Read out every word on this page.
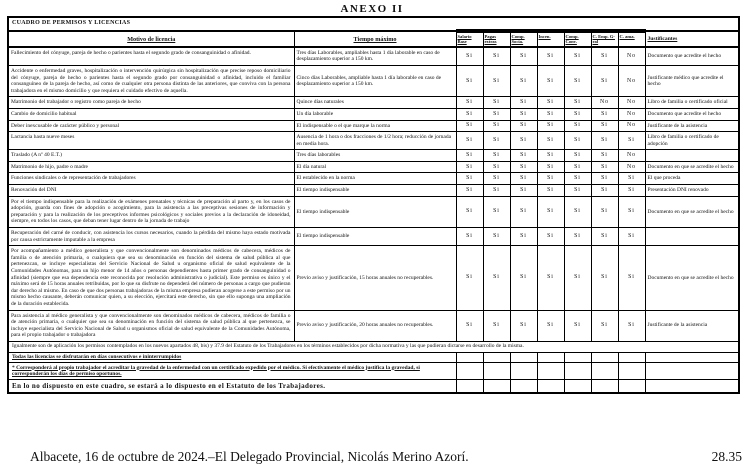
ANEXO II
CUADRO DE PERMISOS Y LICENCIAS									
Motivo de licencia	Tiempo máximo	Salario Base	Pagas extras	Comp. Socia.	Incen.	Comp. Conv.	C. Emp. G-ral	C. ama.	Justificantes
Fallecimiento del cónyuge, pareja de hecho o parientes hasta el segundo grado de consanguinidad o afinidad.	Tres días Laborables, ampliables hasta 1 día laborable en caso de desplazamiento superior a 150 km.	Si	Si	Si	Si	Si	Si	No	Documento que acredite el hecho
Accidente o enfermedad graves, hospitalización o intervención quirúrgica sin hospitalización que precise reposo domiciliario del cónyuge, pareja de hecho o parientes hasta el segundo grado por consanguinidad o afinidad, incluido el familiar consanguíneo de la pareja de hecho, así como de cualquier otra persona distinta de las anteriores, que conviva con la persona trabajadora en el mismo domicilio y que requiera el cuidado efectivo de aquella.	Cinco días Laborables, ampliable hasta 1 día laborable en caso de desplazamiento superior a 150 km.	Si	Si	Si	Si	Si	Si	No	Justificante médico que acredite el hecho
Matrimonio del trabajador o registro como pareja de hecho	Quince días naturales	Si	Si	Si	Si	Si	No	No	Libro de familia o certificado oficial
Cambio de domicilio habitual	Un día laborable	Si	Si	Si	Si	Si	Si	No	Documento que acredite el hecho
Deber inexcusable de carácter público y personal	El indispensable o el que marque la norma	Si	Si	Si	Si	Si	Si	No	Justificante de la asistencia
Lactancia hasta nueve meses	Ausencia de 1 hora o dos fracciones de 1/2 hora; reducción de jornada en media hora.	Si	Si	Si	Si	Si	Si	Si	Libro de familia o certificado de adopción
Traslado (A nº 40 E.T.)	Tres días laborables	Si	Si	Si	Si	Si	Si	No	
Matrimonio de hijo, padre o madre	El día natural	Si	Si	Si	Si	Si	Si	No	Documento en que se acredite el hecho
Funciones sindicales o de representación de trabajadores	El establecido en la norma	Si	Si	Si	Si	Si	Si	Si	El que proceda
Renovación del DNI	El tiempo indispensable	Si	Si	Si	Si	Si	Si	Si	Presentación DNI renovado
Por el tiempo indispensable para la realización de exámenes prenatales y técnicas de preparación al parto y, en los casos de adopción, guarda con fines de adopción o acogimiento, para la asistencia a las preceptivas sesiones de información y preparación y para la realización de los preceptivos informes psicológicos y sociales previos a la declaración de idoneidad, siempre, en todos los casos, que deban tener lugar dentro de la jornada de trabajo	El tiempo indispensable	Si	Si	Si	Si	Si	Si	Si	Documento en que se acredite el hecho
Recuperación del carné de conducir, con asistencia los cursos necesarios, cuando la pérdida del mismo haya estado motivada por causa estrictamente imputable a la empresa	El tiempo indispensable	Si	Si	Si	Si	Si	Si	Si	
Por acompañamiento a médico generalista y que convencionalmente son denominados médicos de cabecera, médicos de familia o de atención primaria, o cualquiera que sea su denominación en función del sistema de salud pública al que pertenezcan, se incluye especialistas del Servicio Nacional de Salud u organismo oficial de salud equivalente de la Comunidades Autónomas, para un hijo menor de 14 años o personas dependientes hasta primer grado de consanguinidad o afinidad (siempre que esa dependencia este reconocida por resolución administrativa o judicial). Este permiso es único y el máximo será de 15 horas anuales retribuidas, por lo que su disfrute no dependerá del número de personas a cargo que pudieran dar derecho al mismo. En caso de que dos personas trabajadoras de la misma empresa pudieran acogerse a este permiso por un mismo hecho causante, deberán comunicar quien, a su elección, ejercitará este derecho, sin que ello suponga una ampliación de la duración establecida.	Previo aviso y justificación, 15 horas anuales no recuperables.	Si	Si	Si	Si	Si	Si	Si	Documento en que se acredite el hecho
Para asistencia al médico generalista y que convencionalmente son denominados médicos de cabecera, médicos de familia o de atención primaria, o cualquier que sea su denominación en función del sistema de salud pública al que pertenezca, se incluye especialista del Servicio Nacional de Salud u organismos oficial de salud equivalente de la Comunidades Autónoma, para el propio trabajador o trabajadora	Previo aviso y justificación, 20 horas anuales no recuperables.	Si	Si	Si	Si	Si	Si	Si	Justificante de la asistencia
Igualmente son de aplicación los permisos contemplados en los nuevos apartados 48, bis) y 37.9 del Estatuto de los Trabajadores en los términos establecidos por dicha normativa y las que pudieran dictarse en desarrollo de la misma.									
Todas las licencias se disfrutarán en días consecutivos e ininterrumpidos									
* Corresponderá al propio trabajador el acreditar la gravedad de la enfermedad con un certificado expedido por el médico. Si efectivamente el médico justifica la gravedad, si corresponderán los días de permiso oportunos.									
En lo no dispuesto en este cuadro, se estará a lo dispuesto en el Estatuto de los Trabajadores.									
Albacete, 16 de octubre de 2024.–El Delegado Provincial, Nicolás Merino Azorí.	28.35
